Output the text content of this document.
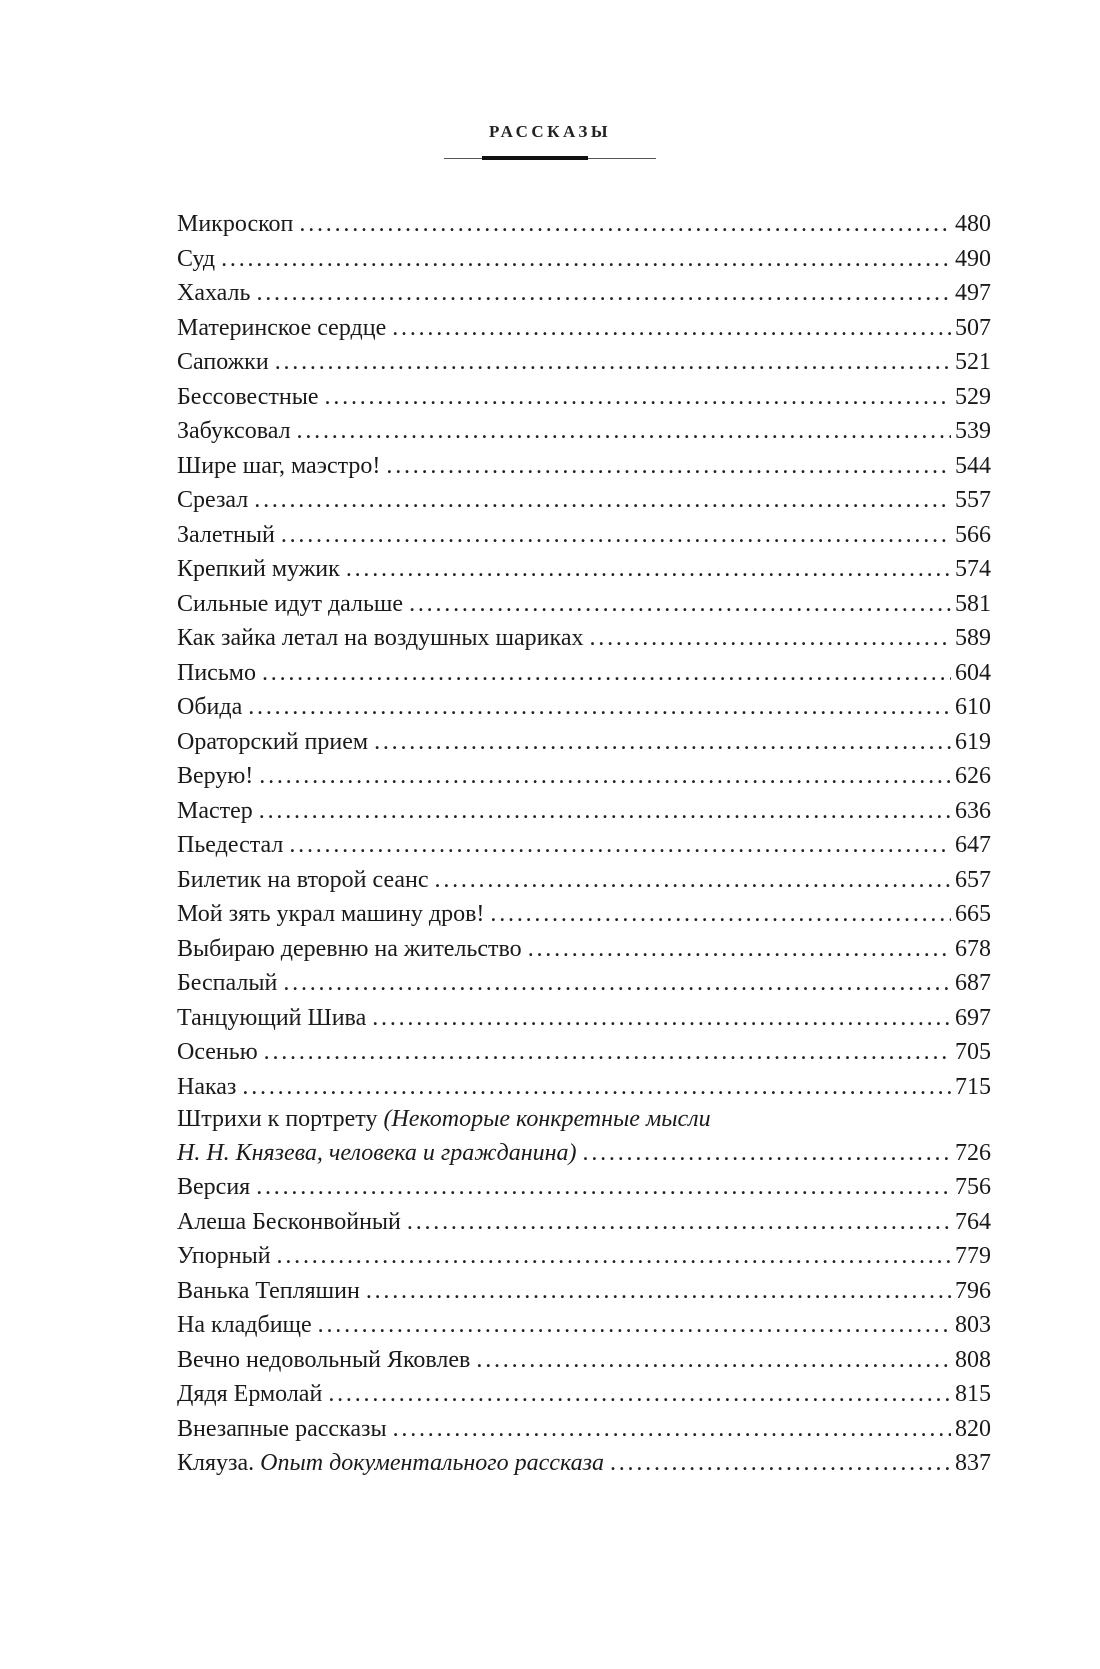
РАССКАЗЫ
Микроскоп . . .	480
Суд . . .	490
Хахаль . . .	497
Материнское сердце . . .	507
Сапожки . . .	521
Бессовестные . . .	529
Забуксовал . . .	539
Шире шаг, маэстро! . . .	544
Срезал . . .	557
Залетный . . .	566
Крепкий мужик . . .	574
Сильные идут дальше . . .	581
Как зайка летал на воздушных шариках . . .	589
Письмо . . .	604
Обида . . .	610
Ораторский прием . . .	619
Верую! . . .	626
Мастер . . .	636
Пьедестал . . .	647
Билетик на второй сеанс . . .	657
Мой зять украл машину дров! . . .	665
Выбираю деревню на жительство . . .	678
Беспалый . . .	687
Танцующий Шива . . .	697
Осенью . . .	705
Наказ . . .	715
Штрихи к портрету (Некоторые конкретные мысли
Н. Н. Князева, человека и гражданина) . . .	726
Версия . . .	756
Алеша Бесконвойный . . .	764
Упорный . . .	779
Ванька Тепляшин . . .	796
На кладбище . . .	803
Вечно недовольный Яковлев . . .	808
Дядя Ермолай . . .	815
Внезапные рассказы . . .	820
Кляуза. Опыт документального рассказа . . .	837
